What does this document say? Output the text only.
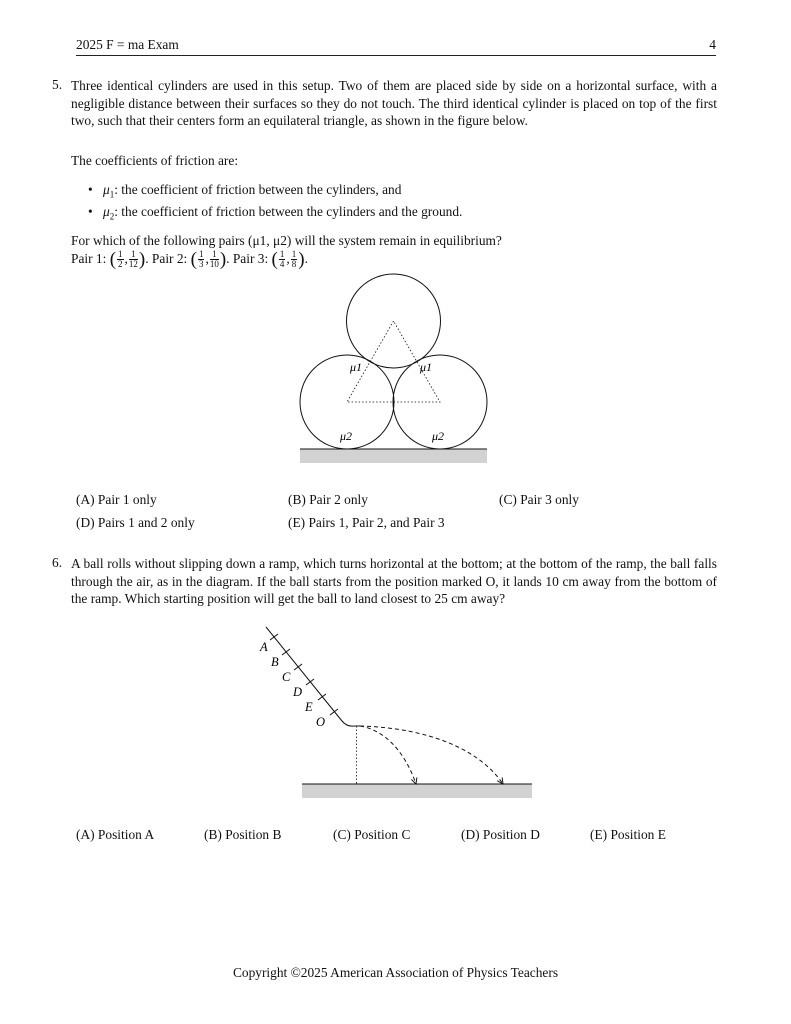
2025 F = ma Exam	4
5. Three identical cylinders are used in this setup. Two of them are placed side by side on a horizontal surface, with a negligible distance between their surfaces so they do not touch. The third identical cylinder is placed on top of the first two, such that their centers form an equilateral triangle, as shown in the figure below.
The coefficients of friction are:
• $\mu_1$: the coefficient of friction between the cylinders, and
• $\mu_2$: the coefficient of friction between the cylinders and the ground.
For which of the following pairs (μ1, μ2) will the system remain in equilibrium?
Pair 1: ( $\frac{1}{2}$ , $\frac{1}{12}$ ). Pair 2: ( $\frac{1}{3}$ , $\frac{1}{10}$ ). Pair 3: ( $\frac{1}{4}$ , $\frac{1}{8}$ ).
μ1	μ1
μ2	μ2
(A) Pair 1 only	(B) Pair 2 only	(C) Pair 3 only
(D) Pairs 1 and 2 only	(E) Pairs 1, Pair 2, and Pair 3
6. A ball rolls without slipping down a ramp, which turns horizontal at the bottom; at the bottom of the ramp, the ball falls through the air, as in the diagram. If the ball starts from the position marked O, it lands 10 cm away from the bottom of the ramp. Which starting position will get the ball to land closest to 25 cm away?
A
B
C
D
E
O
(A) Position A	(B) Position B	(C) Position C	(D) Position D	(E) Position E
Copyright ©2025 American Association of Physics Teachers
